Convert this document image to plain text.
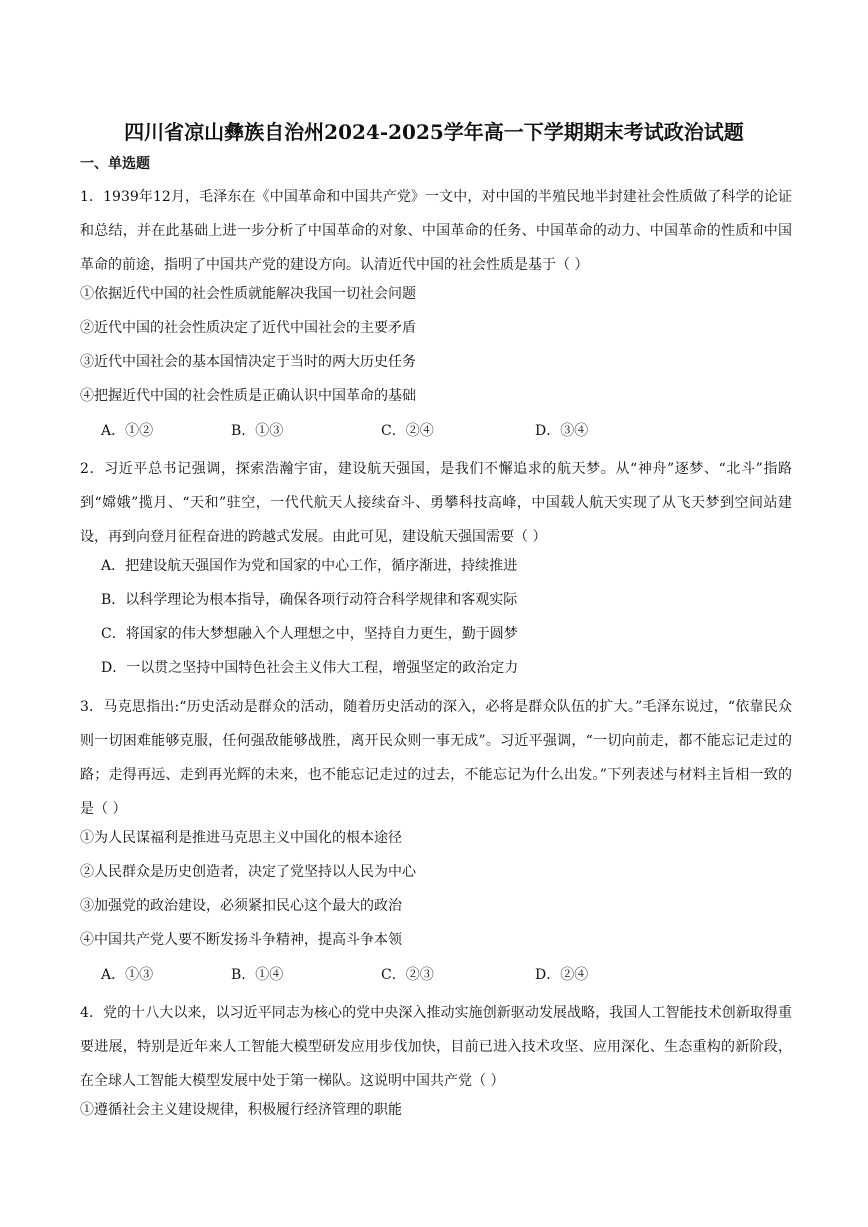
四川省凉山彝族自治州2024-2025学年高一下学期期末考试政治试题
一、单选题
1．1939年12月，毛泽东在《中国革命和中国共产党》一文中，对中国的半殖民地半封建社会性质做了科学的论证和总结，并在此基础上进一步分析了中国革命的对象、中国革命的任务、中国革命的动力、中国革命的性质和中国革命的前途，指明了中国共产党的建设方向。认清近代中国的社会性质是基于（ ）
①依据近代中国的社会性质就能解决我国一切社会问题
②近代中国的社会性质决定了近代中国社会的主要矛盾
③近代中国社会的基本国情决定于当时的两大历史任务
④把握近代中国的社会性质是正确认识中国革命的基础
A．①②	B．①③	C．②④	D．③④
2．习近平总书记强调，探索浩瀚宇宙，建设航天强国，是我们不懈追求的航天梦。从“神舟”逐梦、“北斗”指路到“嫦娥”揽月、“天和”驻空，一代代航天人接续奋斗、勇攀科技高峰，中国载人航天实现了从飞天梦到空间站建设，再到向登月征程奋进的跨越式发展。由此可见，建设航天强国需要（ ）
A．把建设航天强国作为党和国家的中心工作，循序渐进，持续推进
B．以科学理论为根本指导，确保各项行动符合科学规律和客观实际
C．将国家的伟大梦想融入个人理想之中，坚持自力更生，勤于圆梦
D．一以贯之坚持中国特色社会主义伟大工程，增强坚定的政治定力
3．马克思指出:“历史活动是群众的活动，随着历史活动的深入，必将是群众队伍的扩大。”毛泽东说过，“依靠民众则一切困难能够克服，任何强敌能够战胜，离开民众则一事无成”。习近平强调，“一切向前走，都不能忘记走过的路；走得再远、走到再光辉的未来，也不能忘记走过的过去，不能忘记为什么出发。”下列表述与材料主旨相一致的是（ ）
①为人民谋福利是推进马克思主义中国化的根本途径
②人民群众是历史创造者，决定了党坚持以人民为中心
③加强党的政治建设，必须紧扣民心这个最大的政治
④中国共产党人要不断发扬斗争精神，提高斗争本领
A．①③	B．①④	C．②③	D．②④
4．党的十八大以来，以习近平同志为核心的党中央深入推动实施创新驱动发展战略，我国人工智能技术创新取得重要进展，特别是近年来人工智能大模型研发应用步伐加快，目前已进入技术攻坚、应用深化、生态重构的新阶段，在全球人工智能大模型发展中处于第一梯队。这说明中国共产党（ ）
①遵循社会主义建设规律，积极履行经济管理的职能
